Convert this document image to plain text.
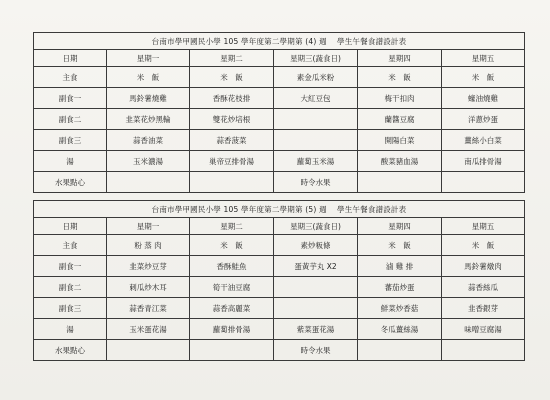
台南市學甲國民小學 105 學年度第二學期第 (4) 週　 學生午餐食譜設計表					
日期	星期一	星期二	星期三(蔬食日)	星期四	星期五
主食	米　飯	米　飯	素金瓜米粉	米　飯	米　飯
副食一	馬鈴薯燒雞	香酥花枝排	大紅豆包	梅干扣肉	蠔油燒雞
副食二	韭菜花炒黑輪	雙花炒培根		蘭醬豆腐	洋蔥炒蛋
副食三	蒜香油菜	蒜香菠菜		開陽白菜	薑絲小白菜
湯	玉米濃湯	巢帝豆排骨湯	蘿蔔玉米湯	酸菜豬血湯	南瓜排骨湯
水果點心			時令水果		
台南市學甲國民小學 105 學年度第二學期第 (5) 週　 學生午餐食譜設計表					
日期	星期一	星期二	星期三(蔬食日)	星期四	星期五
主食	粉 蒸 肉	米　飯	素炒粄條	米　飯	米　飯
副食一	韭菜炒豆芽	香酥鮭魚	蛋黃芋丸 X2	滷 雞 排	馬鈴薯燉肉
副食二	刺瓜炒木耳	筍干油豆腐		蕃茄炒蛋	蒜香絲瓜
副食三	蒜香青江菜	蒜香高麗菜		鮮菜炒香菇	韭香銀芽
湯	玉米蛋花湯	蘿蔔排骨湯	紫菜蛋花湯	冬瓜薑絲湯	味噌豆腐湯
水果點心			時令水果		
